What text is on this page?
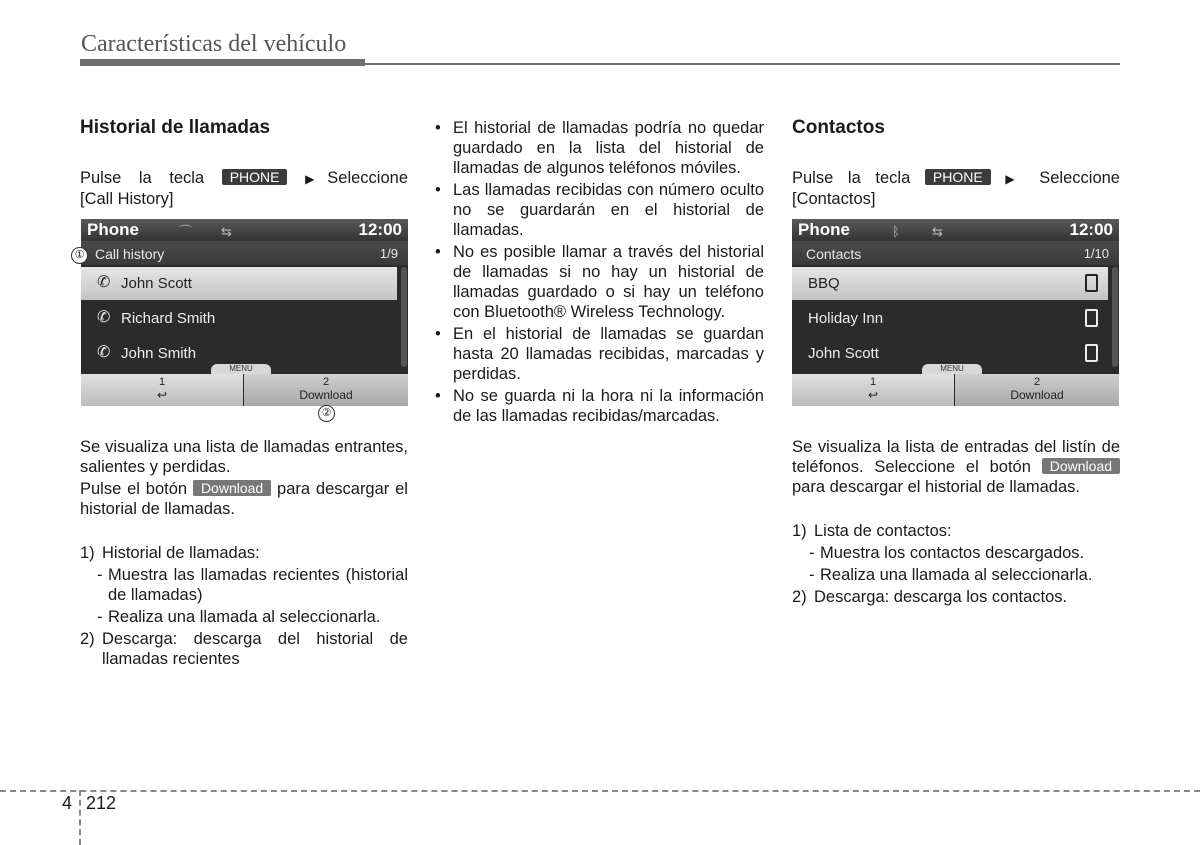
Características del vehículo
Historial de llamadas

Pulse la tecla PHONE ▶Seleccione

[Call History]

Phone	⌒ ⇆	12:00
Call history	1/9
✆ John Scott
✆ Richard Smith
✆ John Smith
MENU
1
↩
2
Download
①
②

Se visualiza una lista de llamadas entrantes, salientes y perdidas.

Pulse el botón Download para descargar el historial de llamadas.

1) Historial de llamadas:
- Muestra las llamadas recientes (historial de llamadas)
- Realiza una llamada al seleccionarla.
2) Descarga: descarga del historial de llamadas recientes
• El historial de llamadas podría no quedar guardado en la lista del historial de llamadas de algunos teléfonos móviles.
• Las llamadas recibidas con número oculto no se guardarán en el historial de llamadas.
• No es posible llamar a través del historial de llamadas si no hay un historial de llamadas guardado o si hay un teléfono con Bluetooth® Wireless Technology.
• En el historial de llamadas se guardan hasta 20 llamadas recibidas, marcadas y perdidas.
• No se guarda ni la hora ni la información de las llamadas recibidas/marcadas.
Contactos

Pulse la tecla PHONE ▶ Seleccione

[Contactos]

Phone	ᛒ ⇆	12:00
Contacts	1/10
BBQ
Holiday Inn
John Scott
MENU
1
↩
2
Download

Se visualiza la lista de entradas del listín de teléfonos. Seleccione el botón Download para descargar el historial de llamadas.

1) Lista de contactos:
- Muestra los contactos descargados.
- Realiza una llamada al seleccionarla.
2) Descarga: descarga los contactos.
4 212
